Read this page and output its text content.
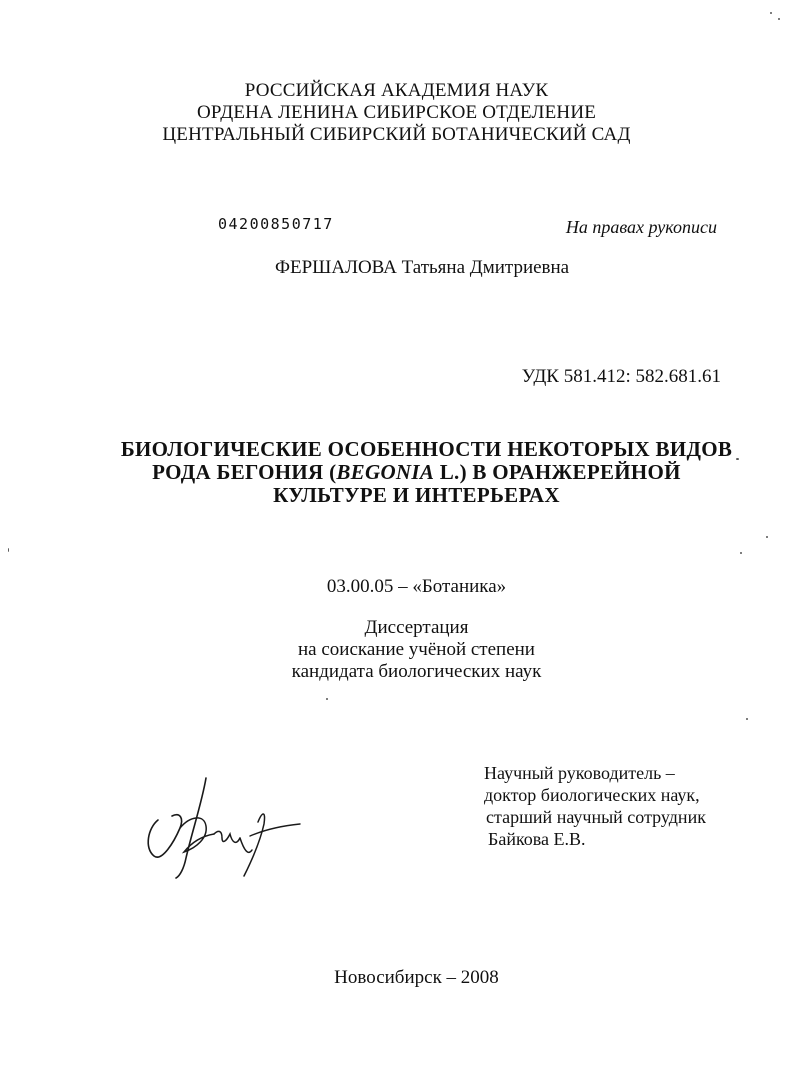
РОССИЙСКАЯ АКАДЕМИЯ НАУК
ОРДЕНА ЛЕНИНА СИБИРСКОЕ ОТДЕЛЕНИЕ
ЦЕНТРАЛЬНЫЙ СИБИРСКИЙ БОТАНИЧЕСКИЙ САД
04200850717	На правах рукописи
ФЕРШАЛОВА Татьяна Дмитриевна
УДК 581.412: 582.681.61
БИОЛОГИЧЕСКИЕ ОСОБЕННОСТИ НЕКОТОРЫХ ВИДОВ
РОДА БЕГОНИЯ (BEGONIA L.) В ОРАНЖЕРЕЙНОЙ
КУЛЬТУРЕ И ИНТЕРЬЕРАХ
03.00.05 – «Ботаника»
Диссертация
на соискание учёной степени
кандидата биологических наук
Научный руководитель –
доктор биологических наук,
старший научный сотрудник
Байкова Е.В.
Новосибирск – 2008
